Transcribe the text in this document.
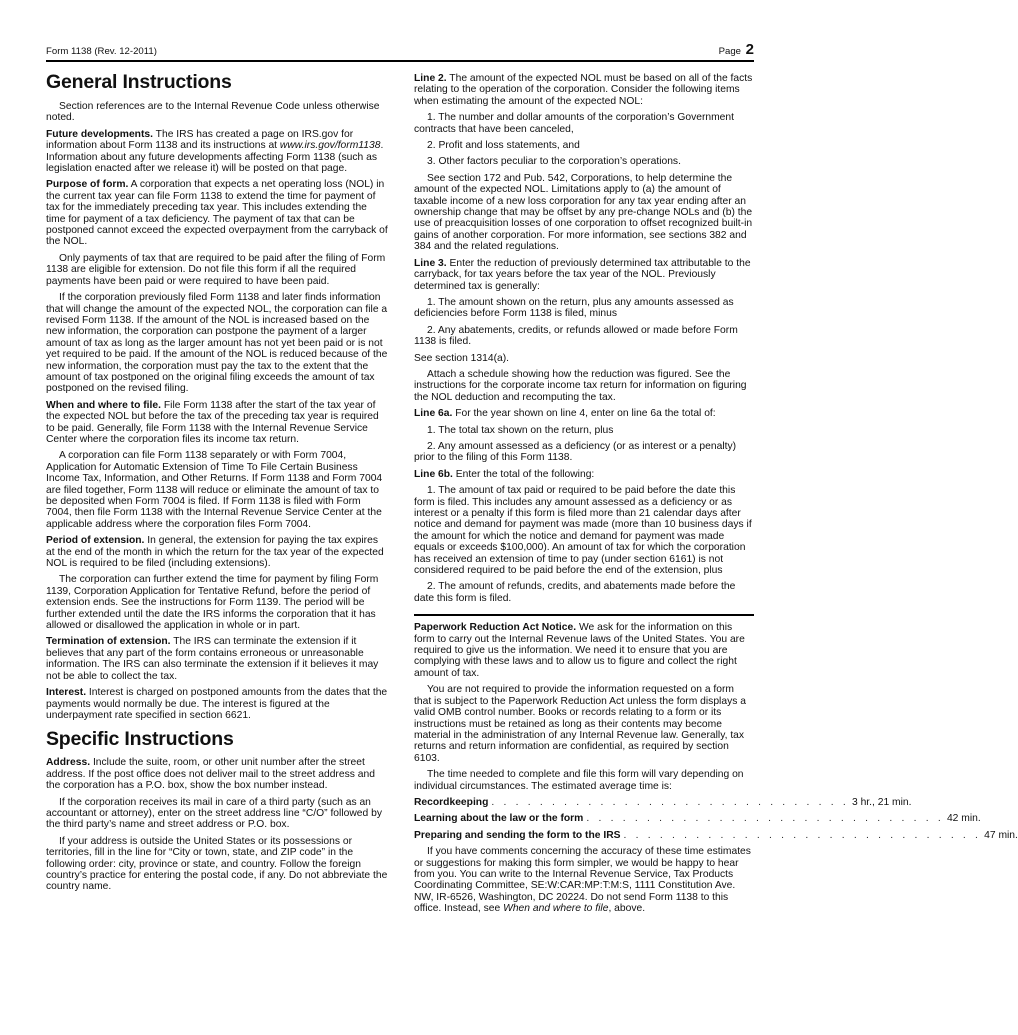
Form 1138 (Rev. 12-2011)	Page 2
General Instructions

Section references are to the Internal Revenue Code unless otherwise noted.

Future developments. The IRS has created a page on IRS.gov for information about Form 1138 and its instructions at www.irs.gov/form1138. Information about any future developments affecting Form 1138 (such as legislation enacted after we release it) will be posted on that page.

Purpose of form. A corporation that expects a net operating loss (NOL) in the current tax year can file Form 1138 to extend the time for payment of tax for the immediately preceding tax year. This includes extending the time for payment of a tax deficiency. The payment of tax that can be postponed cannot exceed the expected overpayment from the carryback of the NOL.

Only payments of tax that are required to be paid after the filing of Form 1138 are eligible for extension. Do not file this form if all the required payments have been paid or were required to have been paid.

If the corporation previously filed Form 1138 and later finds information that will change the amount of the expected NOL, the corporation can file a revised Form 1138. If the amount of the NOL is increased based on the new information, the corporation can postpone the payment of a larger amount of tax as long as the larger amount has not yet been paid or is not yet required to be paid. If the amount of the NOL is reduced because of the new information, the corporation must pay the tax to the extent that the amount of tax postponed on the original filing exceeds the amount of tax postponed on the revised filing.

When and where to file. File Form 1138 after the start of the tax year of the expected NOL but before the tax of the preceding tax year is required to be paid. Generally, file Form 1138 with the Internal Revenue Service Center where the corporation files its income tax return.

A corporation can file Form 1138 separately or with Form 7004, Application for Automatic Extension of Time To File Certain Business Income Tax, Information, and Other Returns. If Form 1138 and Form 7004 are filed together, Form 1138 will reduce or eliminate the amount of tax to be deposited when Form 7004 is filed. If Form 1138 is filed with Form 7004, then file Form 1138 with the Internal Revenue Service Center at the applicable address where the corporation files Form 7004.

Period of extension. In general, the extension for paying the tax expires at the end of the month in which the return for the tax year of the expected NOL is required to be filed (including extensions).

The corporation can further extend the time for payment by filing Form 1139, Corporation Application for Tentative Refund, before the period of extension ends. See the instructions for Form 1139. The period will be further extended until the date the IRS informs the corporation that it has allowed or disallowed the application in whole or in part.

Termination of extension. The IRS can terminate the extension if it believes that any part of the form contains erroneous or unreasonable information. The IRS can also terminate the extension if it believes it may not be able to collect the tax.

Interest. Interest is charged on postponed amounts from the dates that the payments would normally be due. The interest is figured at the underpayment rate specified in section 6621.

Specific Instructions

Address. Include the suite, room, or other unit number after the street address. If the post office does not deliver mail to the street address and the corporation has a P.O. box, show the box number instead.

If the corporation receives its mail in care of a third party (such as an accountant or attorney), enter on the street address line “C/O” followed by the third party’s name and street address or P.O. box.

If your address is outside the United States or its possessions or territories, fill in the line for “City or town, state, and ZIP code” in the following order: city, province or state, and country. Follow the foreign country’s practice for entering the postal code, if any. Do not abbreviate the country name.

Line 2. The amount of the expected NOL must be based on all of the facts relating to the operation of the corporation. Consider the following items when estimating the amount of the expected NOL:

1. The number and dollar amounts of the corporation’s Government contracts that have been canceled,

2. Profit and loss statements, and

3. Other factors peculiar to the corporation’s operations.

See section 172 and Pub. 542, Corporations, to help determine the amount of the expected NOL. Limitations apply to (a) the amount of taxable income of a new loss corporation for any tax year ending after an ownership change that may be offset by any pre-change NOLs and (b) the use of preacquisition losses of one corporation to offset recognized built-in gains of another corporation. For more information, see sections 382 and 384 and the related regulations.

Line 3. Enter the reduction of previously determined tax attributable to the carryback, for tax years before the tax year of the NOL. Previously determined tax is generally:

1. The amount shown on the return, plus any amounts assessed as deficiencies before Form 1138 is filed, minus

2. Any abatements, credits, or refunds allowed or made before Form 1138 is filed.

See section 1314(a).

Attach a schedule showing how the reduction was figured. See the instructions for the corporate income tax return for information on figuring the NOL deduction and recomputing the tax.

Line 6a. For the year shown on line 4, enter on line 6a the total of:

1. The total tax shown on the return, plus

2. Any amount assessed as a deficiency (or as interest or a penalty) prior to the filing of this Form 1138.

Line 6b. Enter the total of the following:

1. The amount of tax paid or required to be paid before the date this form is filed. This includes any amount assessed as a deficiency or as interest or a penalty if this form is filed more than 21 calendar days after notice and demand for payment was made (more than 10 business days if the amount for which the notice and demand for payment was made equals or exceeds $100,000). An amount of tax for which the corporation has received an extension of time to pay (under section 6161) is not considered required to be paid before the end of the extension, plus

2. The amount of refunds, credits, and abatements made before the date this form is filed.

Paperwork Reduction Act Notice. We ask for the information on this form to carry out the Internal Revenue laws of the United States. You are required to give us the information. We need it to ensure that you are complying with these laws and to allow us to figure and collect the right amount of tax.

You are not required to provide the information requested on a form that is subject to the Paperwork Reduction Act unless the form displays a valid OMB control number. Books or records relating to a form or its instructions must be retained as long as their contents may become material in the administration of any Internal Revenue law. Generally, tax returns and return information are confidential, as required by section 6103.

The time needed to complete and file this form will vary depending on individual circumstances. The estimated average time is:

Recordkeeping . . . . . . . . . . . . . . . . . . . . . . . . . . . . . . 3 hr., 21 min.
Learning about the law or the form . . . . . . . . . . . . . . . . . . . . . . . . . . . . . . 42 min.
Preparing and sending the form to the IRS . . . . . . . . . . . . . . . . . . . . . . . . . . . . . . 47 min.

If you have comments concerning the accuracy of these time estimates or suggestions for making this form simpler, we would be happy to hear from you. You can write to the Internal Revenue Service, Tax Products Coordinating Committee, SE:W:CAR:MP:T:M:S, 1111 Constitution Ave. NW, IR-6526, Washington, DC 20224. Do not send Form 1138 to this office. Instead, see When and where to file, above.
